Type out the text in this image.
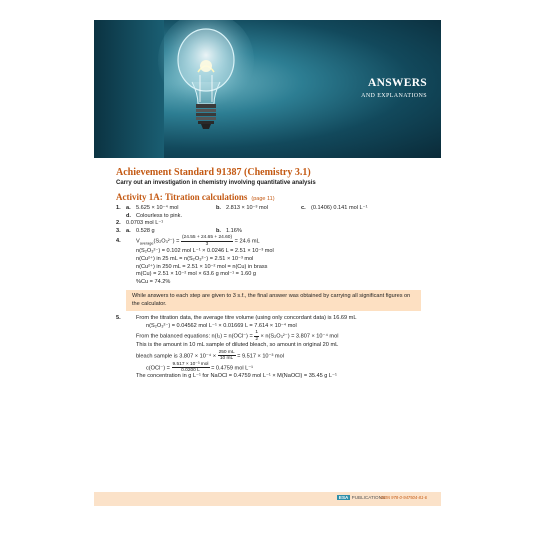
ANSWERS
AND EXPLANATIONS
Achievement Standard 91387 (Chemistry 3.1)
Carry out an investigation in chemistry involving quantitative analysis
Activity 1A: Titration calculations (page 11)
1. a. 5.625 × 10⁻⁴ mol	b. 2.813 × 10⁻³ mol	c. (0.1406) 0.141 mol L⁻¹
d. Colourless to pink.
2. 0.0703 mol L⁻¹
3. a. 0.528 g	b. 1.16%
4.	$V_{average}(S_2O_3^{2-}) = \frac{(24.55 + 24.65 + 24.60)}{3} = 24.6$ mL
n(S₂O₃²⁻) = 0.102 mol L⁻¹ × 0.0246 L = 2.51 × 10⁻³ mol
n(Cu²⁺) in 25 mL = n(S₂O₃²⁻) = 2.51 × 10⁻³ mol
n(Cu²⁺) in 250 mL = 2.51 × 10⁻² mol = n(Cu) in brass
m(Cu) = 2.51 × 10⁻² mol × 63.6 g mol⁻¹ = 1.60 g
%Cu = 74.2%
While answers to each step are given to 3 s.f., the final answer was obtained by carrying all significant figures on the calculator.
5.	From the titration data, the average titre volume (using only concordant data) is 16.69 mL
n(S₂O₃²⁻) = 0.04562 mol L⁻¹ × 0.01669 L = 7.614 × 10⁻⁴ mol
From the balanced equations: $n(I_2) = n(OCl^-) = \frac{1}{2} \times n(S_2O_3^{2-}) = 3.807 \times 10^{-4}$ mol
This is the amount in 10 mL sample of diluted bleach, so amount in original 20 mL
bleach sample is $3.807 \times 10^{-4} \times \frac{250 mL}{10 mL} = 9.517 \times 10^{-3}$ mol
$c(OCl^-) = \frac{\text{9.517 × 10⁻³ mol}}{0.0200 L} = 0.4759$ mol L⁻¹
The concentration in g L⁻¹ for NaOCl = 0.4759 mol L⁻¹ × M(NaOCl) = 35.45 g L⁻¹
ESA PUBLICATIONS
ISBN 978-0-947504-81-6
